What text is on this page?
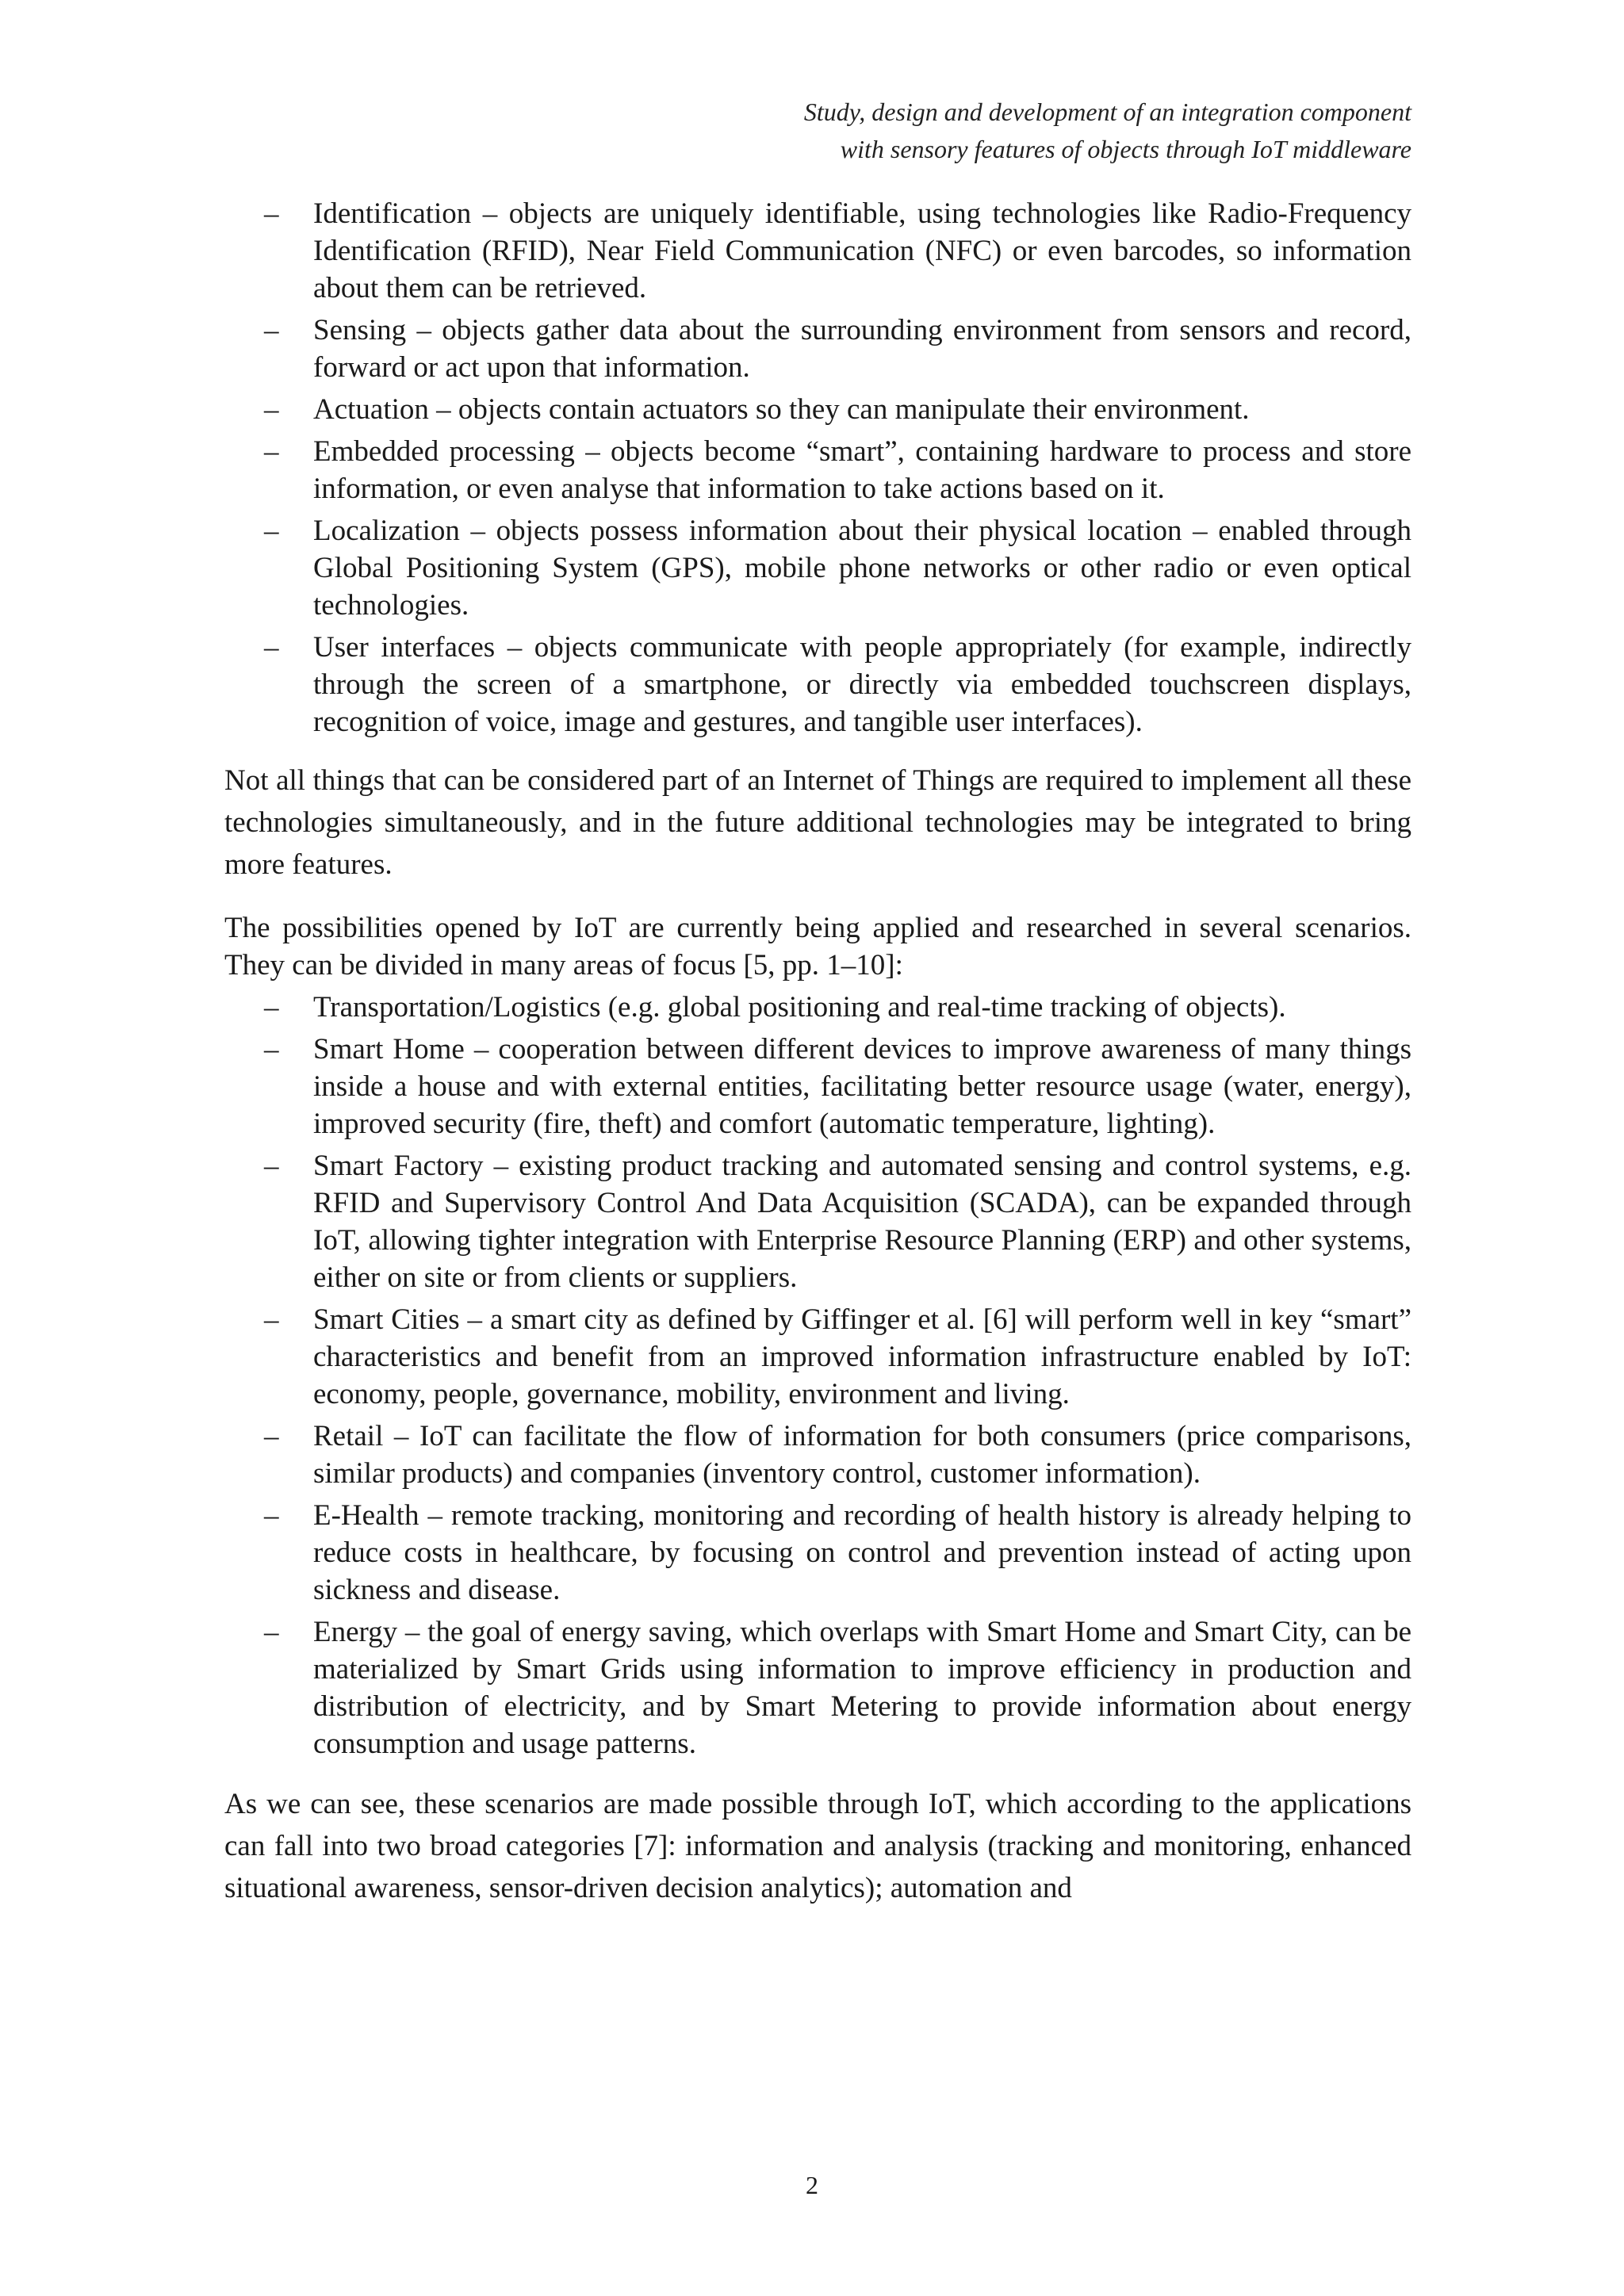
Study, design and development of an integration component
with sensory features of objects through IoT middleware
– Identification – objects are uniquely identifiable, using technologies like Radio-Frequency Identification (RFID), Near Field Communication (NFC) or even barcodes, so information about them can be retrieved.
– Sensing – objects gather data about the surrounding environment from sensors and record, forward or act upon that information.
– Actuation – objects contain actuators so they can manipulate their environment.
– Embedded processing – objects become “smart”, containing hardware to process and store information, or even analyse that information to take actions based on it.
– Localization – objects possess information about their physical location – enabled through Global Positioning System (GPS), mobile phone networks or other radio or even optical technologies.
– User interfaces – objects communicate with people appropriately (for example, indirectly through the screen of a smartphone, or directly via embedded touchscreen displays, recognition of voice, image and gestures, and tangible user interfaces).

Not all things that can be considered part of an Internet of Things are required to implement all these technologies simultaneously, and in the future additional technologies may be integrated to bring more features.

The possibilities opened by IoT are currently being applied and researched in several scenarios. They can be divided in many areas of focus [5, pp. 1–10]:

– Transportation/Logistics (e.g. global positioning and real-time tracking of objects).
– Smart Home – cooperation between different devices to improve awareness of many things inside a house and with external entities, facilitating better resource usage (water, energy), improved security (fire, theft) and comfort (automatic temperature, lighting).
– Smart Factory – existing product tracking and automated sensing and control systems, e.g. RFID and Supervisory Control And Data Acquisition (SCADA), can be expanded through IoT, allowing tighter integration with Enterprise Resource Planning (ERP) and other systems, either on site or from clients or suppliers.
– Smart Cities – a smart city as defined by Giffinger et al. [6] will perform well in key “smart” characteristics and benefit from an improved information infrastructure enabled by IoT: economy, people, governance, mobility, environment and living.
– Retail – IoT can facilitate the flow of information for both consumers (price comparisons, similar products) and companies (inventory control, customer information).
– E-Health – remote tracking, monitoring and recording of health history is already helping to reduce costs in healthcare, by focusing on control and prevention instead of acting upon sickness and disease.
– Energy – the goal of energy saving, which overlaps with Smart Home and Smart City, can be materialized by Smart Grids using information to improve efficiency in production and distribution of electricity, and by Smart Metering to provide information about energy consumption and usage patterns.

As we can see, these scenarios are made possible through IoT, which according to the applications can fall into two broad categories [7]: information and analysis (tracking and monitoring, enhanced situational awareness, sensor-driven decision analytics); automation and

2
